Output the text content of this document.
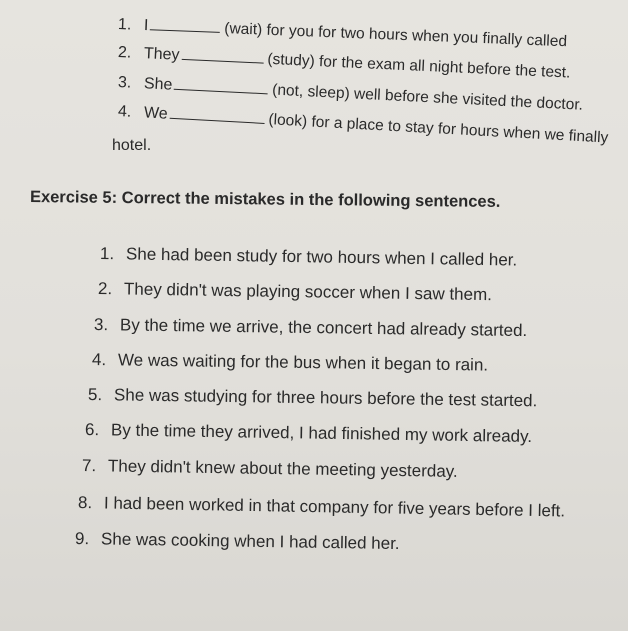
1. I	(wait) for you for two hours when you finally called
2. They	(study) for the exam all night before the test.
3. She	(not, sleep) well before she visited the doctor.
4. We	(look) for a place to stay for hours when we finally
hotel.
Exercise 5: Correct the mistakes in the following sentences.
1. She had been study for two hours when I called her.
2. They didn't was playing soccer when I saw them.
3. By the time we arrive, the concert had already started.
4. We was waiting for the bus when it began to rain.
5. She was studying for three hours before the test started.
6. By the time they arrived, I had finished my work already.
7. They didn't knew about the meeting yesterday.
8. I had been worked in that company for five years before I left.
9. She was cooking when I had called her.
